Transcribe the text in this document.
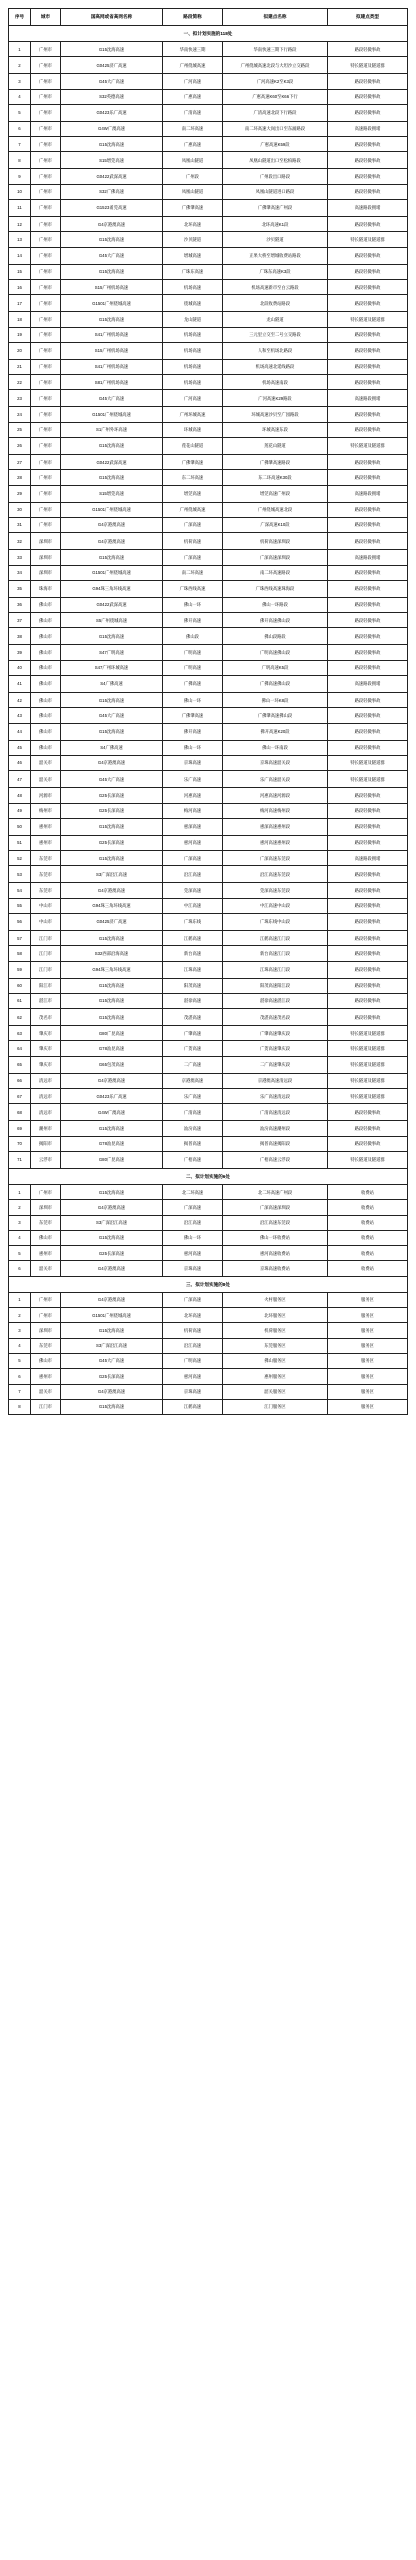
序号	城市	国高网或省高网名称	路段简称	拟建点名称	拟建点类型
一、拟计划实施的118处					
1	广州市	G15沈海高速	华南快速三期	华南快速三期下行路段	路段轻微事故
2	广州市	G0425济广高速	广州绕城高速	广州绕城高速北段与大坦沙立交路段	特长隧道及隧道群
3	广州市	G45大广高速	广河高速	广河高速K2至K3段	路段轻微事故
4	广州市	S32英德高速	广惠高速	广惠高速K60至K66下行	路段轻微事故
5	广州市	G0423乐广高速	广清高速	广清高速北段下行路段	路段轻微事故
6	广州市	G4W广澳高速	南二环高速	南二环高速大岗出口至东涌路段	高速路段拥堵
7	广州市	G15沈海高速	广惠高速	广惠高速K59段	路段轻微事故
8	广州市	S15增莞高速	凤凰山隧道	凤凰山隧道出口至松柏路段	路段轻微事故
9	广州市	G0422武深高速	广州段	广州段出口路段	路段轻微事故
10	广州市	S32广佛高速	凤凰山隧道	凤凰山隧道进口路段	路段轻微事故
11	广州市	G1523甬莞高速	广佛肇高速	广佛肇高速广州段	高速路段拥堵
12	广州市	G4京港澳高速	北环高速	北环高速K1段	路段轻微事故
13	广州市	G15沈海高速	沙贝隧道	沙贝隧道	特长隧道及隧道群
14	广州市	G45大广高速	增城高速	正果大桥至增城收费站路段	路段轻微事故
15	广州市	G15沈海高速	广珠东高速	广珠东高速K3段	路段轻微事故
16	广州市	S15广州机场高速	机场高速	机场高速新市至白云路段	路段轻微事故
17	广州市	G1501广州绕城高速	绕城高速	北段收费站路段	路段轻微事故
18	广州市	G15沈海高速	龙山隧道	龙山隧道	特长隧道及隧道群
19	广州市	S41广州机场高速	机场高速	三元里立交至二号立交路段	路段轻微事故
20	广州市	S15广州机场高速	机场高速	人和至机场北路段	路段轻微事故
21	广州市	S41广州机场高速	机场高速	机场高速北延线路段	路段轻微事故
22	广州市	S81广州机场高速	机场高速	机场高速南段	路段轻微事故
23	广州市	G45大广高速	广河高速	广河高速K29路段	高速路段拥堵
24	广州市	G1501广州绕城高速	广州环城高速	环城高速沙贝至广园路段	路段轻微事故
25	广州市	S1广州外环高速	环城高速	环城高速东段	路段轻微事故
26	广州市	G15沈海高速	莲花山隧道	莲花山隧道	特长隧道及隧道群
27	广州市	G0422武深高速	广佛肇高速	广佛肇高速路段	路段轻微事故
28	广州市	G15沈海高速	东二环高速	东二环高速K30段	路段轻微事故
29	广州市	S15增莞高速	增莞高速	增莞高速广州段	高速路段拥堵
30	广州市	G1501广州绕城高速	广州绕城高速	广州绕城高速北段	路段轻微事故
31	广州市	G4京港澳高速	广深高速	广深高速K10段	路段轻微事故
32	深圳市	G4京港澳高速	机荷高速	机荷高速深圳段	路段轻微事故
33	深圳市	G15沈海高速	广深高速	广深高速深圳段	高速路段拥堵
34	深圳市	G1501广州绕城高速	南二环高速	南二环高速路段	路段轻微事故
35	珠海市	G94珠三角环线高速	广珠西线高速	广珠西线高速珠海段	路段轻微事故
36	佛山市	G0422武深高速	佛山一环	佛山一环路段	路段轻微事故
37	佛山市	S5广州绕城高速	佛开高速	佛开高速佛山段	路段轻微事故
38	佛山市	G15沈海高速	佛山段	佛山段路段	路段轻微事故
39	佛山市	S47广明高速	广明高速	广明高速佛山段	路段轻微事故
40	佛山市	S47广州环城高速	广明高速	广明高速K5段	路段轻微事故
41	佛山市	S4广佛高速	广佛高速	广佛高速佛山段	高速路段拥堵
42	佛山市	G15沈海高速	佛山一环	佛山一环K8段	路段轻微事故
43	佛山市	G45大广高速	广佛肇高速	广佛肇高速佛山段	路段轻微事故
44	佛山市	G15沈海高速	佛开高速	佛开高速K20段	路段轻微事故
45	佛山市	S4广佛高速	佛山一环	佛山一环南段	路段轻微事故
46	韶关市	G4京港澳高速	京珠高速	京珠高速韶关段	特长隧道及隧道群
47	韶关市	G45大广高速	乐广高速	乐广高速韶关段	特长隧道及隧道群
48	河源市	G25长深高速	河惠高速	河惠高速河源段	路段轻微事故
49	梅州市	G25长深高速	梅河高速	梅河高速梅州段	路段轻微事故
50	惠州市	G15沈海高速	惠深高速	惠深高速惠州段	路段轻微事故
51	惠州市	G25长深高速	惠河高速	惠河高速惠州段	路段轻微事故
52	东莞市	G15沈海高速	广深高速	广深高速东莞段	高速路段拥堵
53	东莞市	S3广深沿江高速	沿江高速	沿江高速东莞段	路段轻微事故
54	东莞市	G4京港澳高速	莞深高速	莞深高速东莞段	路段轻微事故
55	中山市	G94珠三角环线高速	中江高速	中江高速中山段	路段轻微事故
56	中山市	G0425济广高速	广珠东线	广珠东线中山段	路段轻微事故
57	江门市	G15沈海高速	江鹤高速	江鹤高速江门段	路段轻微事故
58	江门市	S32西部沿海高速	新台高速	新台高速江门段	路段轻微事故
59	江门市	G94珠三角环线高速	江珠高速	江珠高速江门段	路段轻微事故
60	阳江市	G15沈海高速	阳茂高速	阳茂高速阳江段	路段轻微事故
61	湛江市	G15沈海高速	湛徐高速	湛徐高速湛江段	路段轻微事故
62	茂名市	G15沈海高速	茂湛高速	茂湛高速茂名段	路段轻微事故
63	肇庆市	G80广昆高速	广肇高速	广肇高速肇庆段	特长隧道及隧道群
64	肇庆市	G78汕昆高速	广贺高速	广贺高速肇庆段	特长隧道及隧道群
65	肇庆市	G65包茂高速	二广高速	二广高速肇庆段	特长隧道及隧道群
66	清远市	G4京港澳高速	京港澳高速	京港澳高速清远段	特长隧道及隧道群
67	清远市	G0423乐广高速	乐广高速	乐广高速清远段	特长隧道及隧道群
68	清远市	G4W广澳高速	广清高速	广清高速清远段	路段轻微事故
69	潮州市	G15沈海高速	汕汾高速	汕汾高速潮州段	路段轻微事故
70	揭阳市	G78汕昆高速	揭普高速	揭普高速揭阳段	路段轻微事故
71	云浮市	G80广昆高速	广梧高速	广梧高速云浮段	特长隧道及隧道群
二、拟计划实施的6处					
1	广州市	G15沈海高速	北二环高速	北二环高速广州段	收费站
2	深圳市	G4京港澳高速	广深高速	广深高速深圳段	收费站
3	东莞市	S3广深沿江高速	沿江高速	沿江高速东莞段	收费站
4	佛山市	G15沈海高速	佛山一环	佛山一环收费站	收费站
5	惠州市	G25长深高速	惠河高速	惠河高速收费站	收费站
6	韶关市	G4京港澳高速	京珠高速	京珠高速收费站	收费站
三、拟计划实施的8处					
1	广州市	G4京港澳高速	广深高速	火村服务区	服务区
2	广州市	G1501广州绕城高速	北环高速	北环服务区	服务区
3	深圳市	G15沈海高速	机荷高速	机荷服务区	服务区
4	东莞市	S3广深沿江高速	沿江高速	东莞服务区	服务区
5	佛山市	G45大广高速	广明高速	佛山服务区	服务区
6	惠州市	G25长深高速	惠河高速	惠州服务区	服务区
7	韶关市	G4京港澳高速	京珠高速	韶关服务区	服务区
8	江门市	G15沈海高速	江鹤高速	江门服务区	服务区
